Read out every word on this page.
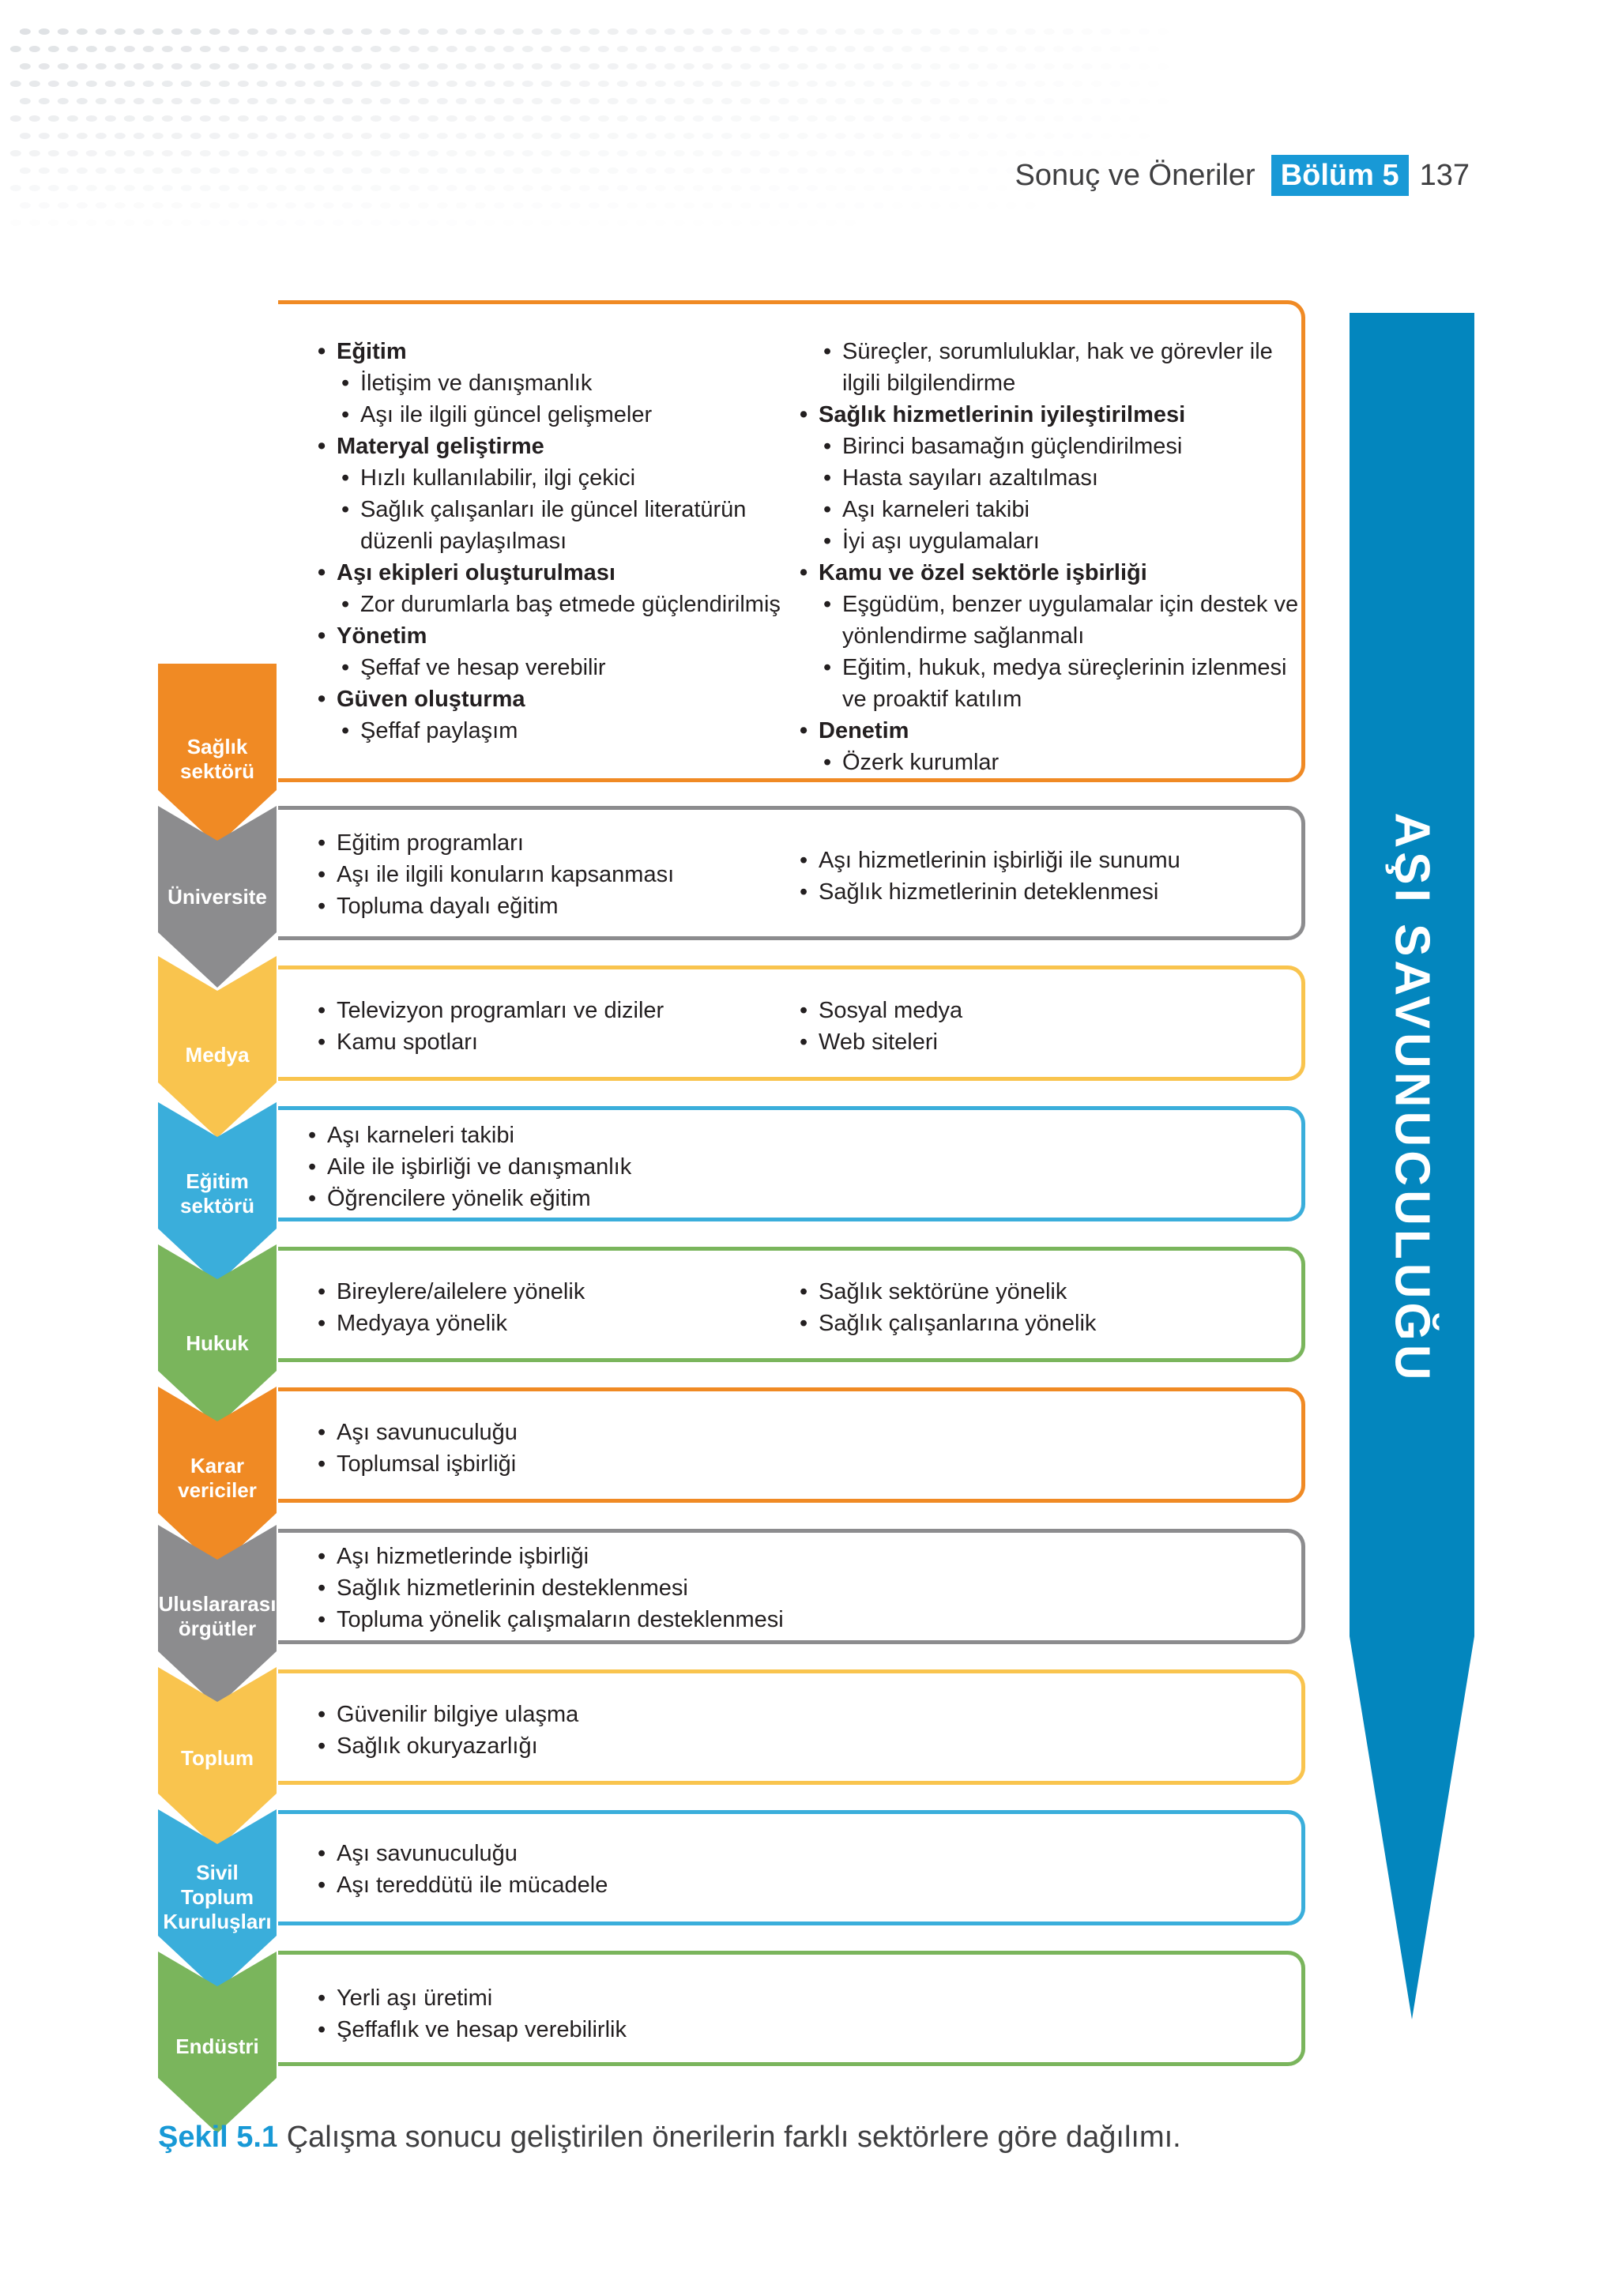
Sonuç ve Öneriler Bölüm 5 137
Sağlık sektörü
• Eğitim
• İletişim ve danışmanlık
• Aşı ile ilgili güncel gelişmeler
• Materyal geliştirme
• Hızlı kullanılabilir, ilgi çekici
• Sağlık çalışanları ile güncel literatürün
düzenli paylaşılması
• Aşı ekipleri oluşturulması
• Zor durumlarla baş etmede güçlendirilmiş
• Yönetim
• Şeffaf ve hesap verebilir
• Güven oluşturma
• Şeffaf paylaşım
• Süreçler, sorumluluklar, hak ve görevler ile
ilgili bilgilendirme
• Sağlık hizmetlerinin iyileştirilmesi
• Birinci basamağın güçlendirilmesi
• Hasta sayıları azaltılması
• Aşı karneleri takibi
• İyi aşı uygulamaları
• Kamu ve özel sektörle işbirliği
• Eşgüdüm, benzer uygulamalar için destek ve
yönlendirme sağlanmalı
• Eğitim, hukuk, medya süreçlerinin izlenmesi
ve proaktif katılım
• Denetim
• Özerk kurumlar
Üniversite
• Eğitim programları
• Aşı ile ilgili konuların kapsanması
• Topluma dayalı eğitim
• Aşı hizmetlerinin işbirliği ile sunumu
• Sağlık hizmetlerinin deteklenmesi
Medya
• Televizyon programları ve diziler
• Kamu spotları
• Sosyal medya
• Web siteleri
Eğitim sektörü
• Aşı karneleri takibi
• Aile ile işbirliği ve danışmanlık
• Öğrencilere yönelik eğitim
Hukuk
• Bireylere/ailelere yönelik
• Medyaya yönelik
• Sağlık sektörüne yönelik
• Sağlık çalışanlarına yönelik
Karar vericiler
• Aşı savunuculuğu
• Toplumsal işbirliği
Uluslararası örgütler
• Aşı hizmetlerinde işbirliği
• Sağlık hizmetlerinin desteklenmesi
• Topluma yönelik çalışmaların desteklenmesi
Toplum
• Güvenilir bilgiye ulaşma
• Sağlık okuryazarlığı
Sivil Toplum Kuruluşları
• Aşı savunuculuğu
• Aşı tereddütü ile mücadele
Endüstri
• Yerli aşı üretimi
• Şeffaflık ve hesap verebilirlik
AŞI SAVUNUCULUĞU
Şekil 5.1 Çalışma sonucu geliştirilen önerilerin farklı sektörlere göre dağılımı.
